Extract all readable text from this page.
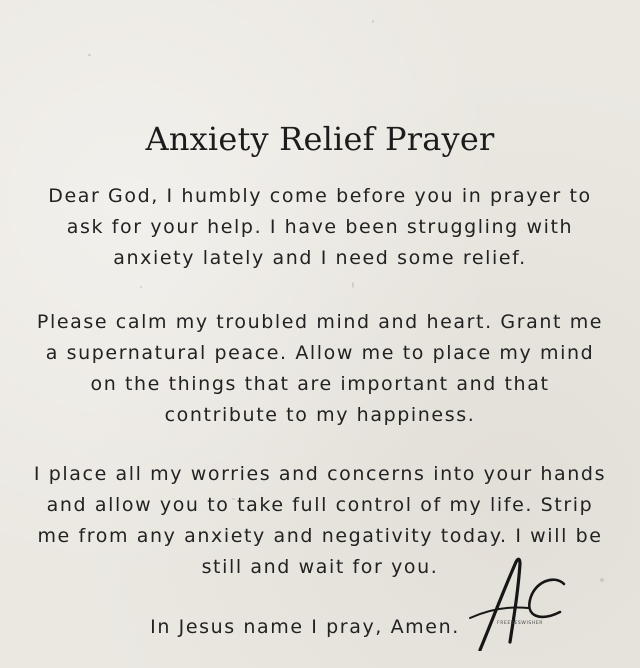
Anxiety Relief Prayer

Dear God, I humbly come before you in prayer to
ask for your help. I have been struggling with
anxiety lately and I need some relief.

Please calm my troubled mind and heart. Grant me
a supernatural peace. Allow me to place my mind
on the things that are important and that
contribute to my happiness.

I place all my worries and concerns into your hands
and allow you to take full control of my life. Strip
me from any anxiety and negativity today. I will be
still and wait for you.

In Jesus name I pray, Amen.	FREEBESWISHER
